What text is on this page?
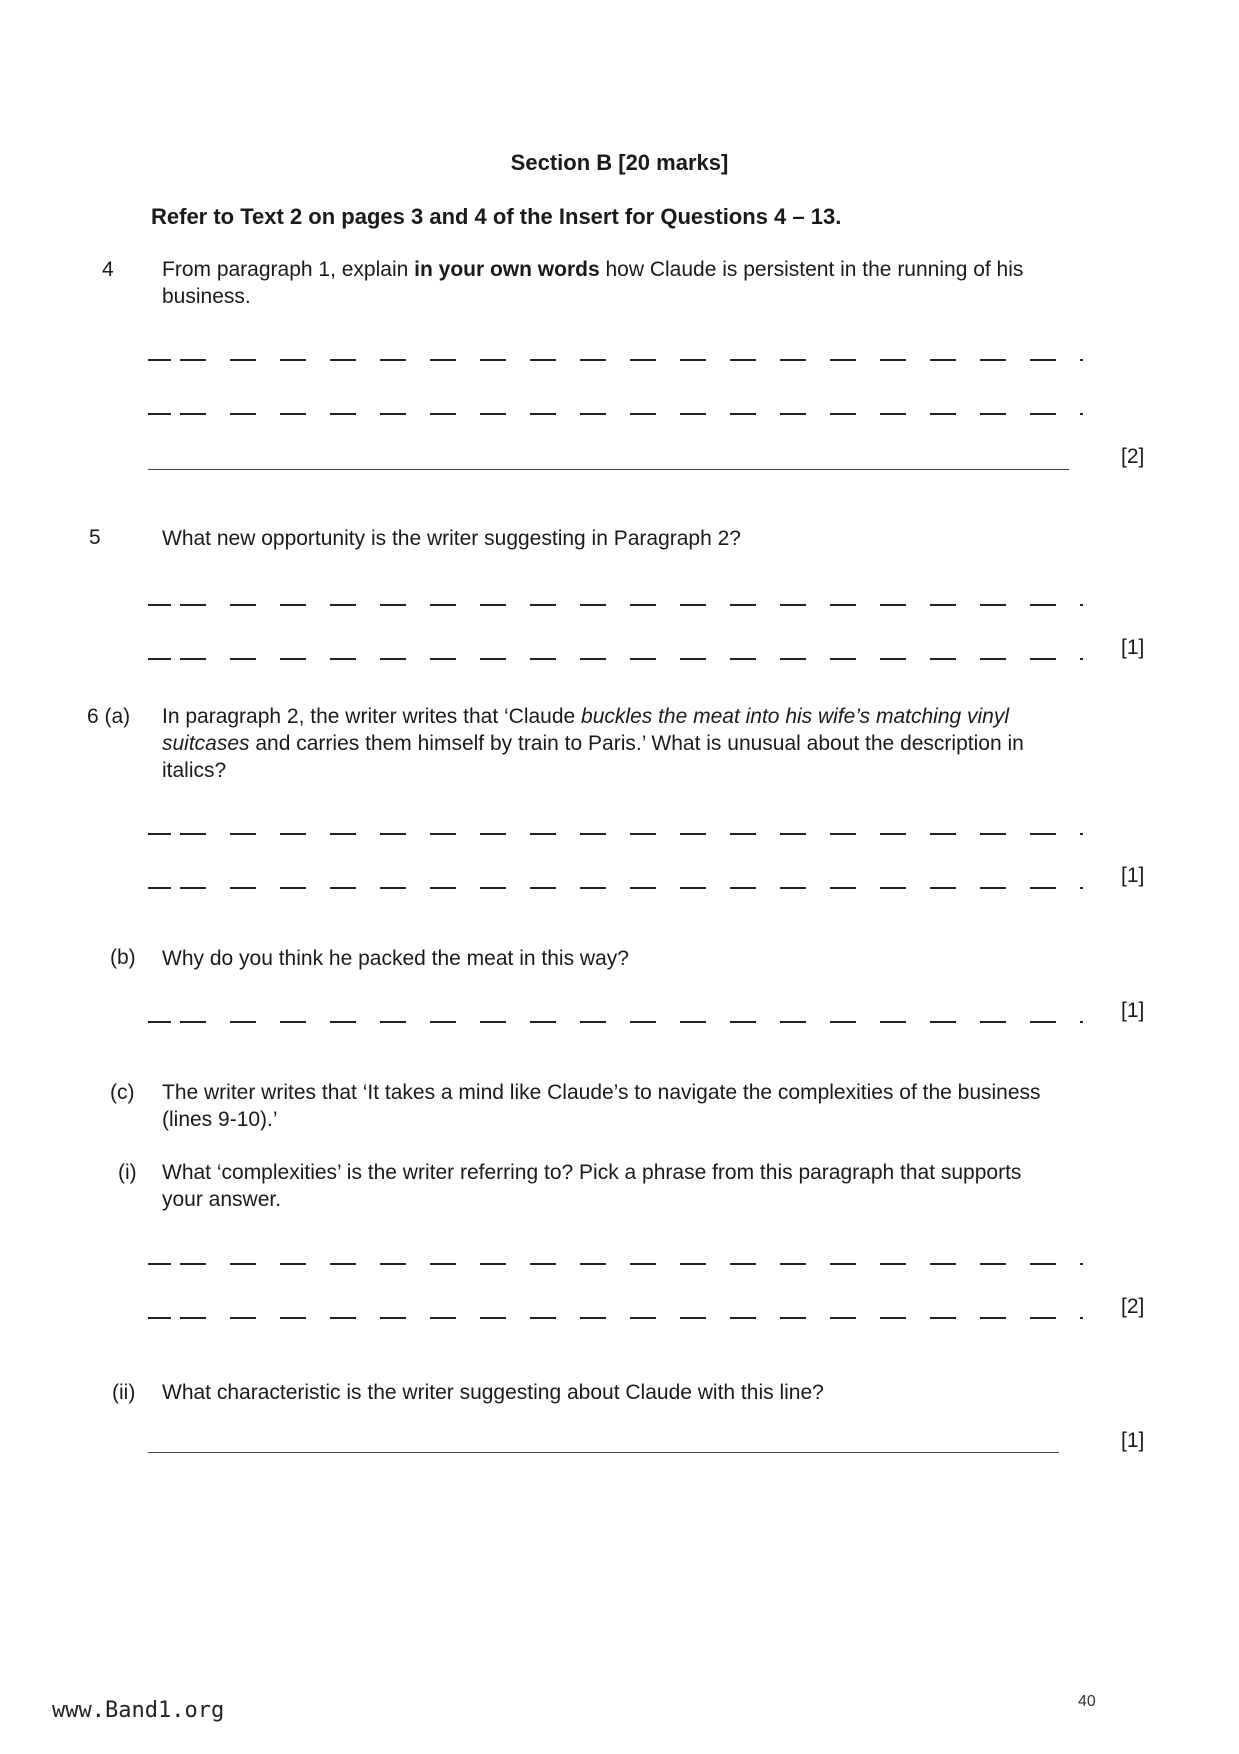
Section B [20 marks]
Refer to Text 2 on pages 3 and 4 of the Insert for Questions 4 – 13.
4 From paragraph 1, explain in your own words how Claude is persistent in the running of his business.
[2]
5	What new opportunity is the writer suggesting in Paragraph 2?
[1]
6 (a) In paragraph 2, the writer writes that ‘Claude buckles the meat into his wife’s matching vinyl suitcases and carries them himself by train to Paris.’ What is unusual about the description in italics?
[1]
(b) Why do you think he packed the meat in this way?
[1]
(c) The writer writes that ‘It takes a mind like Claude’s to navigate the complexities of the business (lines 9-10).’
(i) What ‘complexities’ is the writer referring to? Pick a phrase from this paragraph that supports your answer.
[2]
(ii) What characteristic is the writer suggesting about Claude with this line?
[1]
www.Band1.org	40
